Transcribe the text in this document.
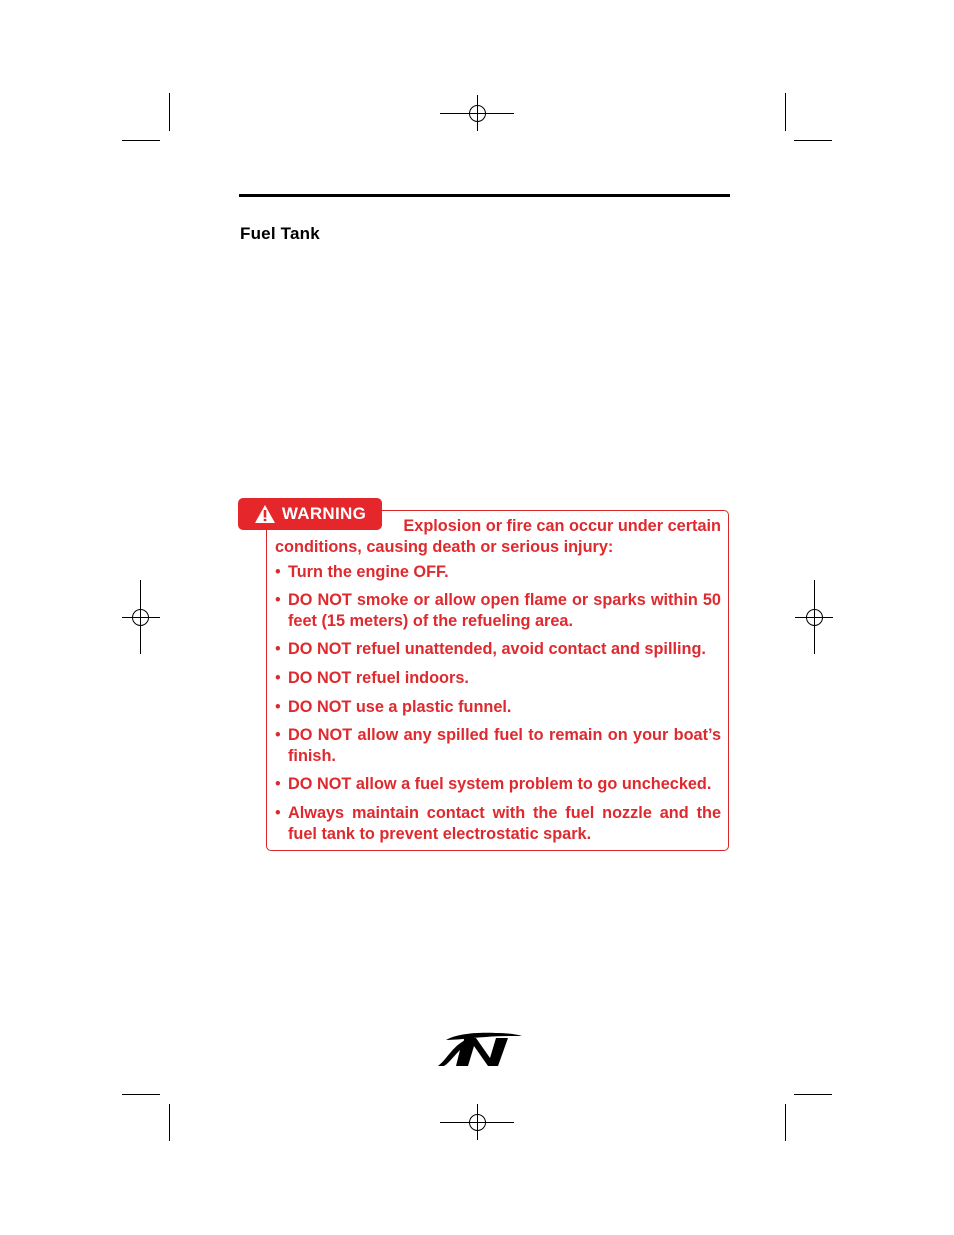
Fuel Tank
WARNING
Explosion or fire can occur under certain
conditions, causing death or serious injury:
• Turn the engine OFF.
• DO NOT smoke or allow open flame or sparks within 50 feet (15 meters) of the refueling area.
• DO NOT refuel unattended, avoid contact and spilling.
• DO NOT refuel indoors.
• DO NOT use a plastic funnel.
• DO NOT allow any spilled fuel to remain on your boat’s finish.
• DO NOT allow a fuel system problem to go unchecked.
• Always maintain contact with the fuel nozzle and the fuel tank to prevent electrostatic spark.
